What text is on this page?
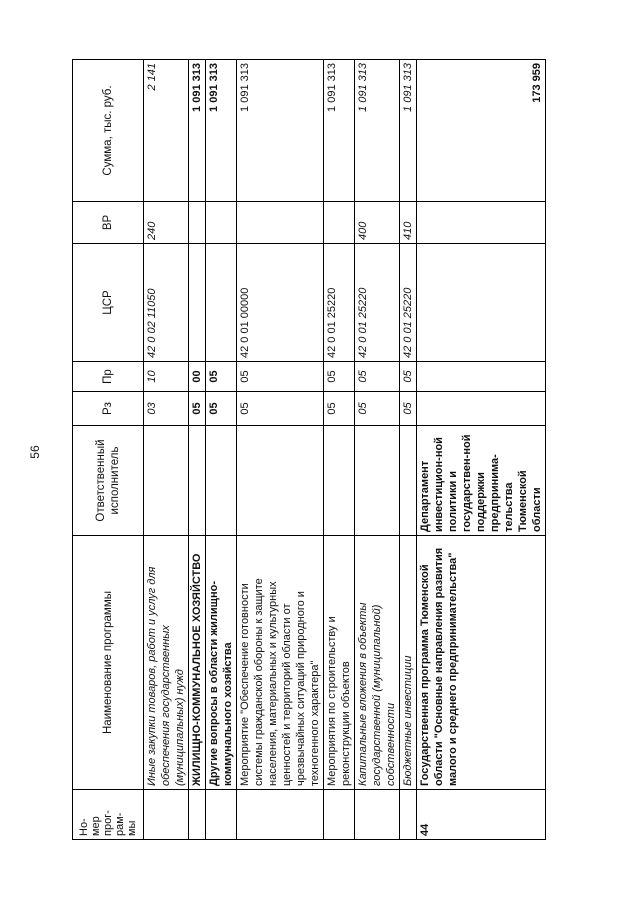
56
Но-
мер
прог-
рам-
мы	Наименование программы	Ответственный исполнитель	Рз	Пр	ЦСР	ВР	Сумма, тыс. руб.
	Иные закупки товаров, работ и услуг для обеспечения государственных (муниципальных) нужд		03	10	42 0 02 11050	240	2 141
	ЖИЛИЩНО-КОММУНАЛЬНОЕ ХОЗЯЙСТВО		05	00			1 091 313
	Другие вопросы в области жилищно-коммунального хозяйства		05	05			1 091 313
	Мероприятие "Обеспечение готовности системы гражданской обороны к защите населения, материальных и культурных ценностей и территорий области от чрезвычайных ситуаций природного и техногенного характера"		05	05	42 0 01 00000		1 091 313
	Мероприятия по строительству и реконструкции объектов		05	05	42 0 01 25220		1 091 313
	Капитальные вложения в объекты государственной (муниципальной) собственности		05	05	42 0 01 25220	400	1 091 313
	Бюджетные инвестиции		05	05	42 0 01 25220	410	1 091 313
44	Государственная программа Тюменской области "Основные направления развития малого и среднего предпринимательства"	Департамент инвестицион-ной политики и государствен-ной поддержки предпринима-тельства Тюменской области					173 959
